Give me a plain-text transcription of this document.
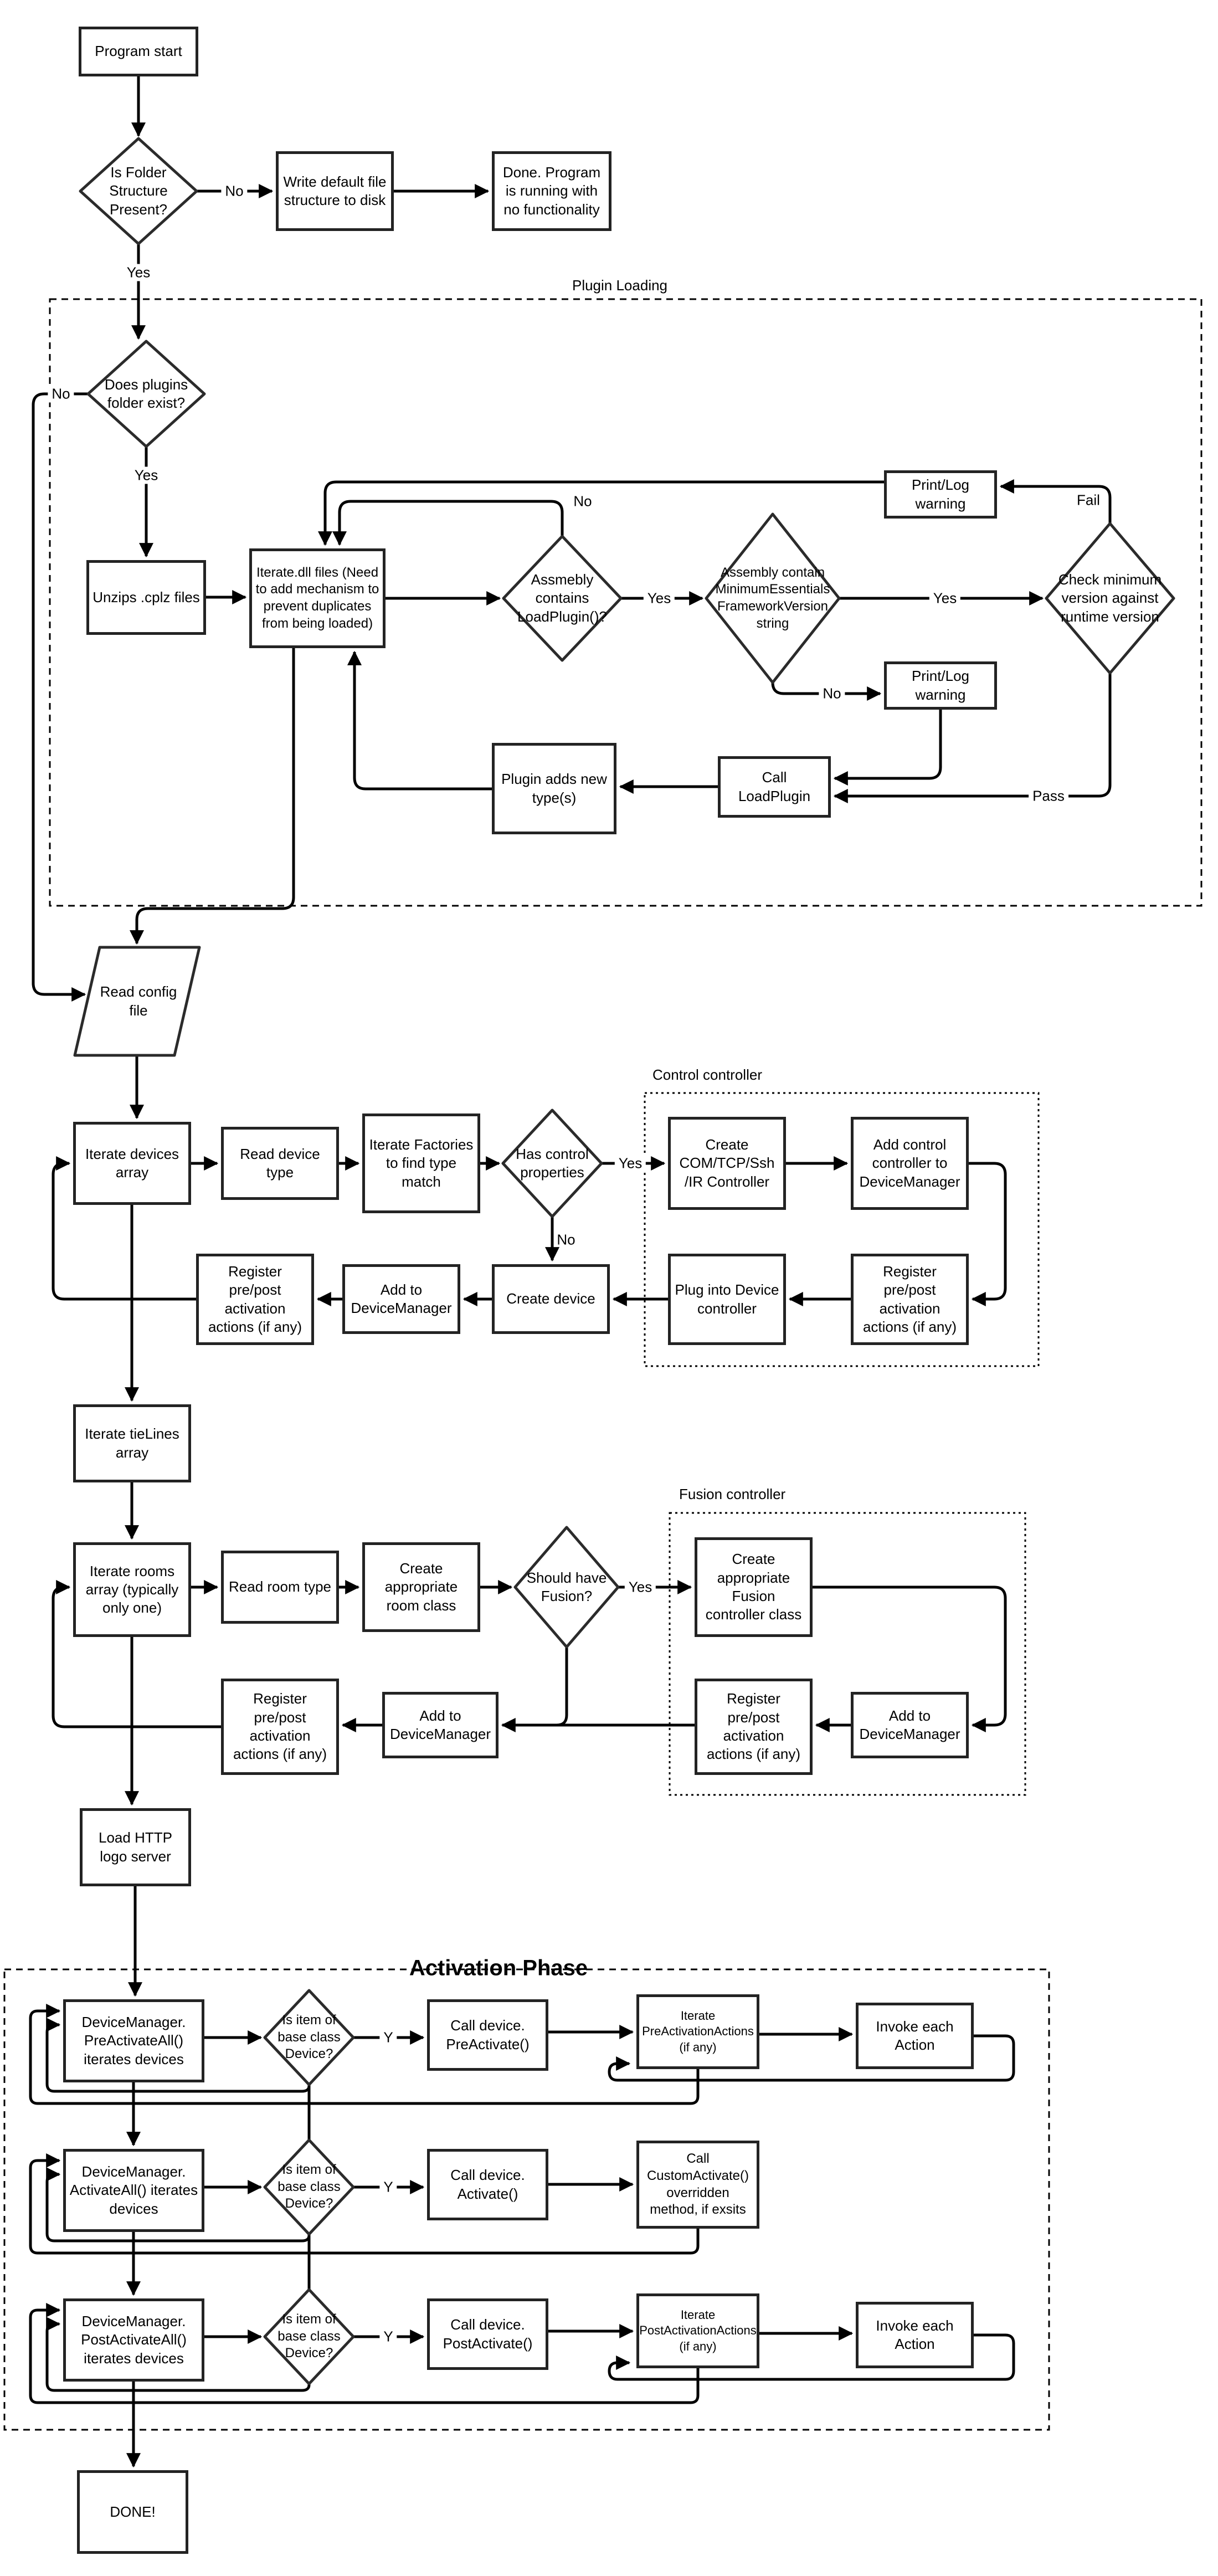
Plugin Loading
Control controller
Fusion controller
Activation Phase
Program start
Is Folder Structure Present?
Write default file structure to disk
Done. Program is running with no functionality
Does plugins folder exist?
Unzips .cplz files
Iterate.dll files (Need to add mechanism to prevent duplicates from being loaded)
Assmebly contains LoadPlugin()?
Assembly contain MinimumEssentialsFrameworkVersion string
Check minimum version against runtime version
Print/Log warning
Print/Log warning
Call LoadPlugin
Plugin adds new type(s)
Read config file
Iterate devices array
Read device type
Iterate Factories to find type match
Has control properties
Create COM/TCP/Ssh /IR Controller
Add control controller to DeviceManager
Register pre/post activation actions (if any)
Plug into Device controller
Create device
Add to DeviceManager
Register pre/post activation actions (if any)
Iterate tieLines array
Iterate rooms array (typically only one)
Read room type
Create appropriate room class
Should have Fusion?
Create appropriate Fusion controller class
Add to DeviceManager
Register pre/post activation actions (if any)
Add to DeviceManager
Register pre/post activation actions (if any)
Load HTTP logo server
DeviceManager. PreActivateAll() iterates devices
Is item of base class Device?
Call device. PreActivate()
Iterate PreActivationActions (if any)
Invoke each Action
DeviceManager. ActivateAll() iterates devices
Is item of base class Device?
Call device. Activate()
Call CustomActivate() overridden method, if exsits
DeviceManager. PostActivateAll() iterates devices
Is item of base class Device?
Call device. PostActivate()
Iterate PostActivationActions (if any)
Invoke each Action
DONE!
No
Yes
No
Yes
No
Yes	Yes
Fail
No
Pass
Yes
No
Yes
Y
Y
Y
